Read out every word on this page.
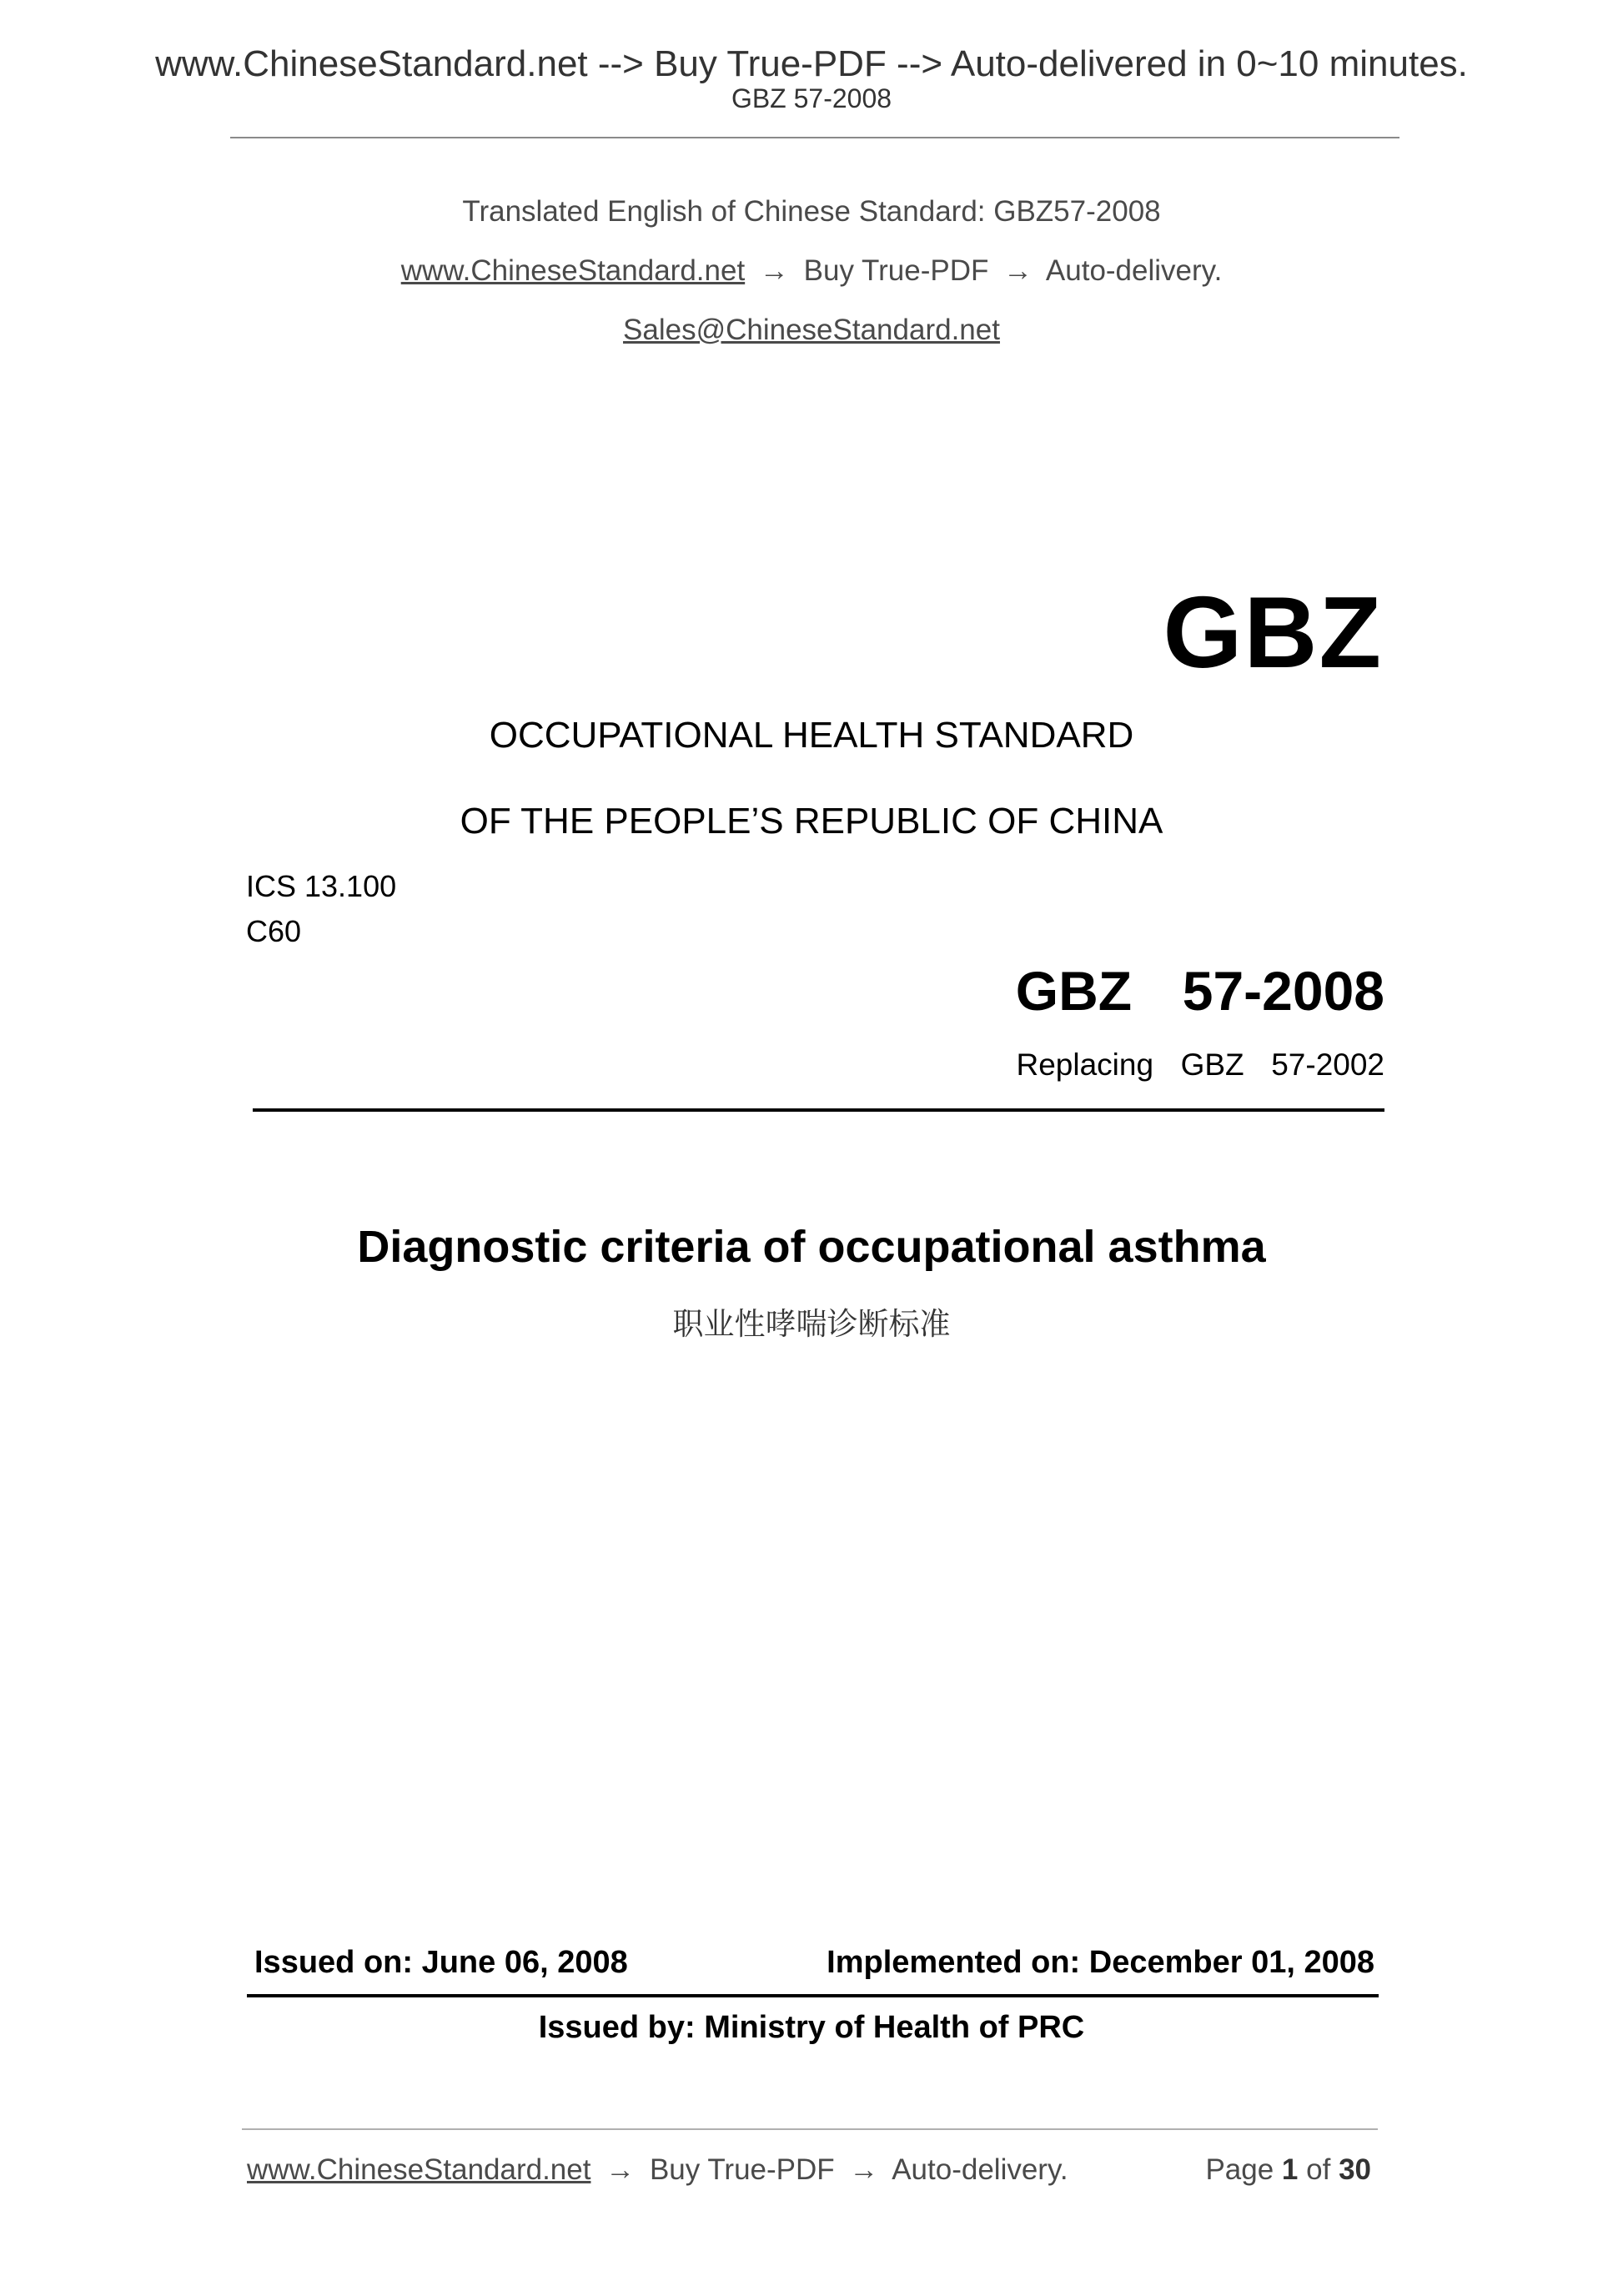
www.ChineseStandard.net --> Buy True-PDF --> Auto-delivered in 0~10 minutes.
GBZ 57-2008
Translated English of Chinese Standard: GBZ57-2008
www.ChineseStandard.net → Buy True-PDF → Auto-delivery.
Sales@ChineseStandard.net
GBZ
OCCUPATIONAL HEALTH STANDARD
OF THE PEOPLE’S REPUBLIC OF CHINA
ICS 13.100
C60
GBZ  57-2008
Replacing  GBZ  57-2002
Diagnostic criteria of occupational asthma
职业性哮喘诊断标准
Issued on: June 06, 2008	Implemented on: December 01, 2008
Issued by: Ministry of Health of PRC
www.ChineseStandard.net → Buy True-PDF → Auto-delivery.	Page 1 of 30
